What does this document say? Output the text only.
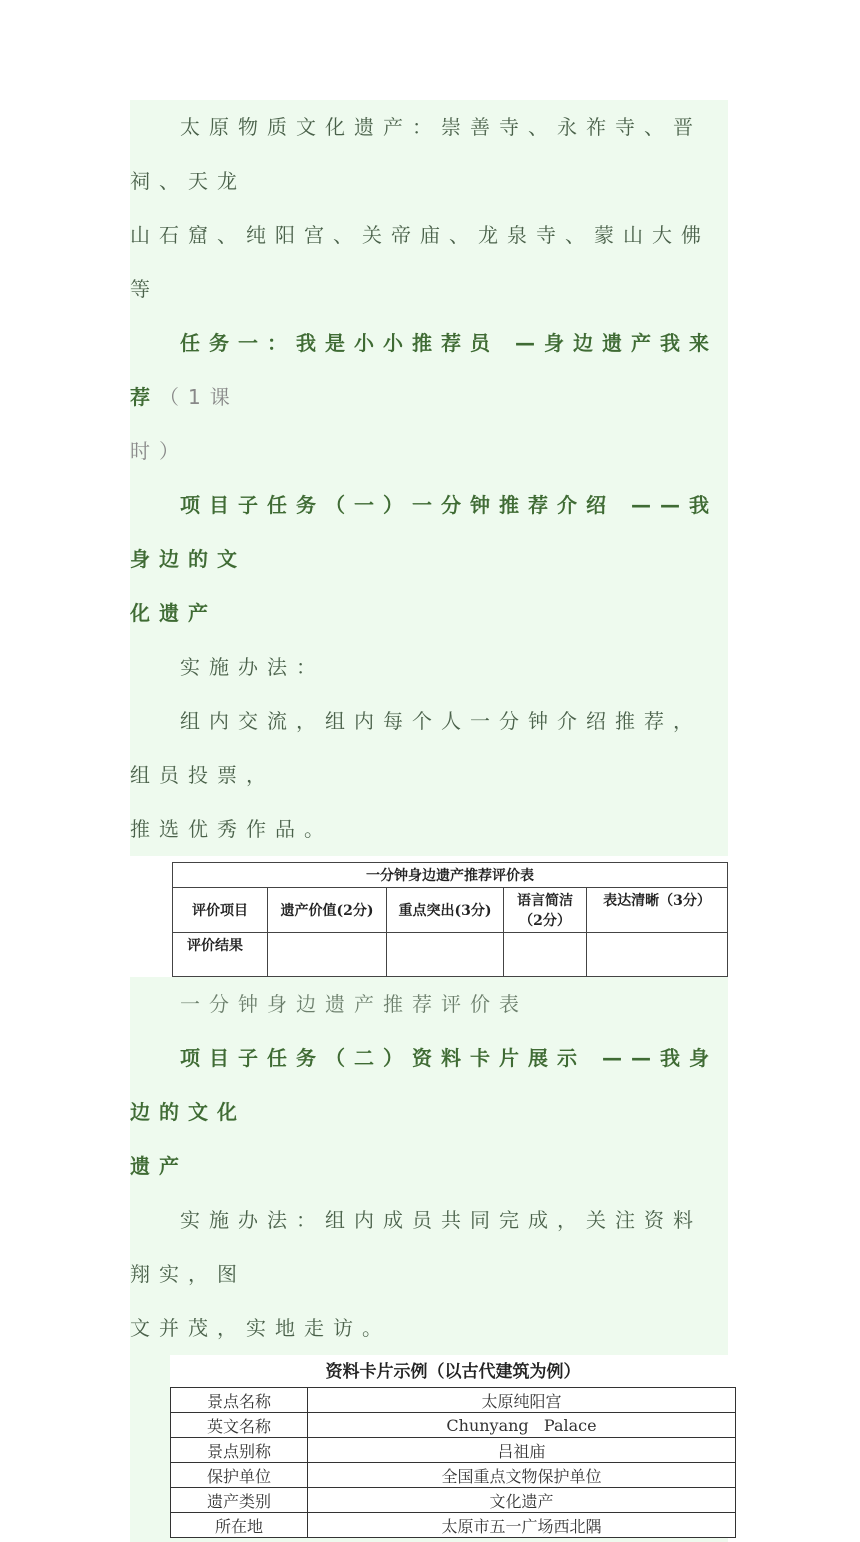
太原物质文化遗产：崇善寺、永祚寺、晋祠、天龙

山石窟、纯阳宫、关帝庙、龙泉寺、蒙山大佛等

任务一：我是小小推荐员 —身边遗产我来荐（1课

时）

项目子任务（一）一分钟推荐介绍 ——我身边的文

化遗产

实施办法：

组内交流，组内每个人一分钟介绍推荐，组员投票，

推选优秀作品。

一分钟身边遗产推荐评价表				
评价项目	遗产价值(2分)	重点突出(3分)	语言简洁（2分）	表达清晰（3分）
评价结果				

一分钟身边遗产推荐评价表

项目子任务（二）资料卡片展示 ——我身边的文化

遗产

实施办法：组内成员共同完成，关注资料翔实，图

文并茂，实地走访。

资料卡片示例（以古代建筑为例）
景点名称	太原纯阳宫
英文名称	Chunyang   Palace
景点别称	吕祖庙
保护单位	全国重点文物保护单位
遗产类别	文化遗产
所在地	太原市五一广场西北隅
